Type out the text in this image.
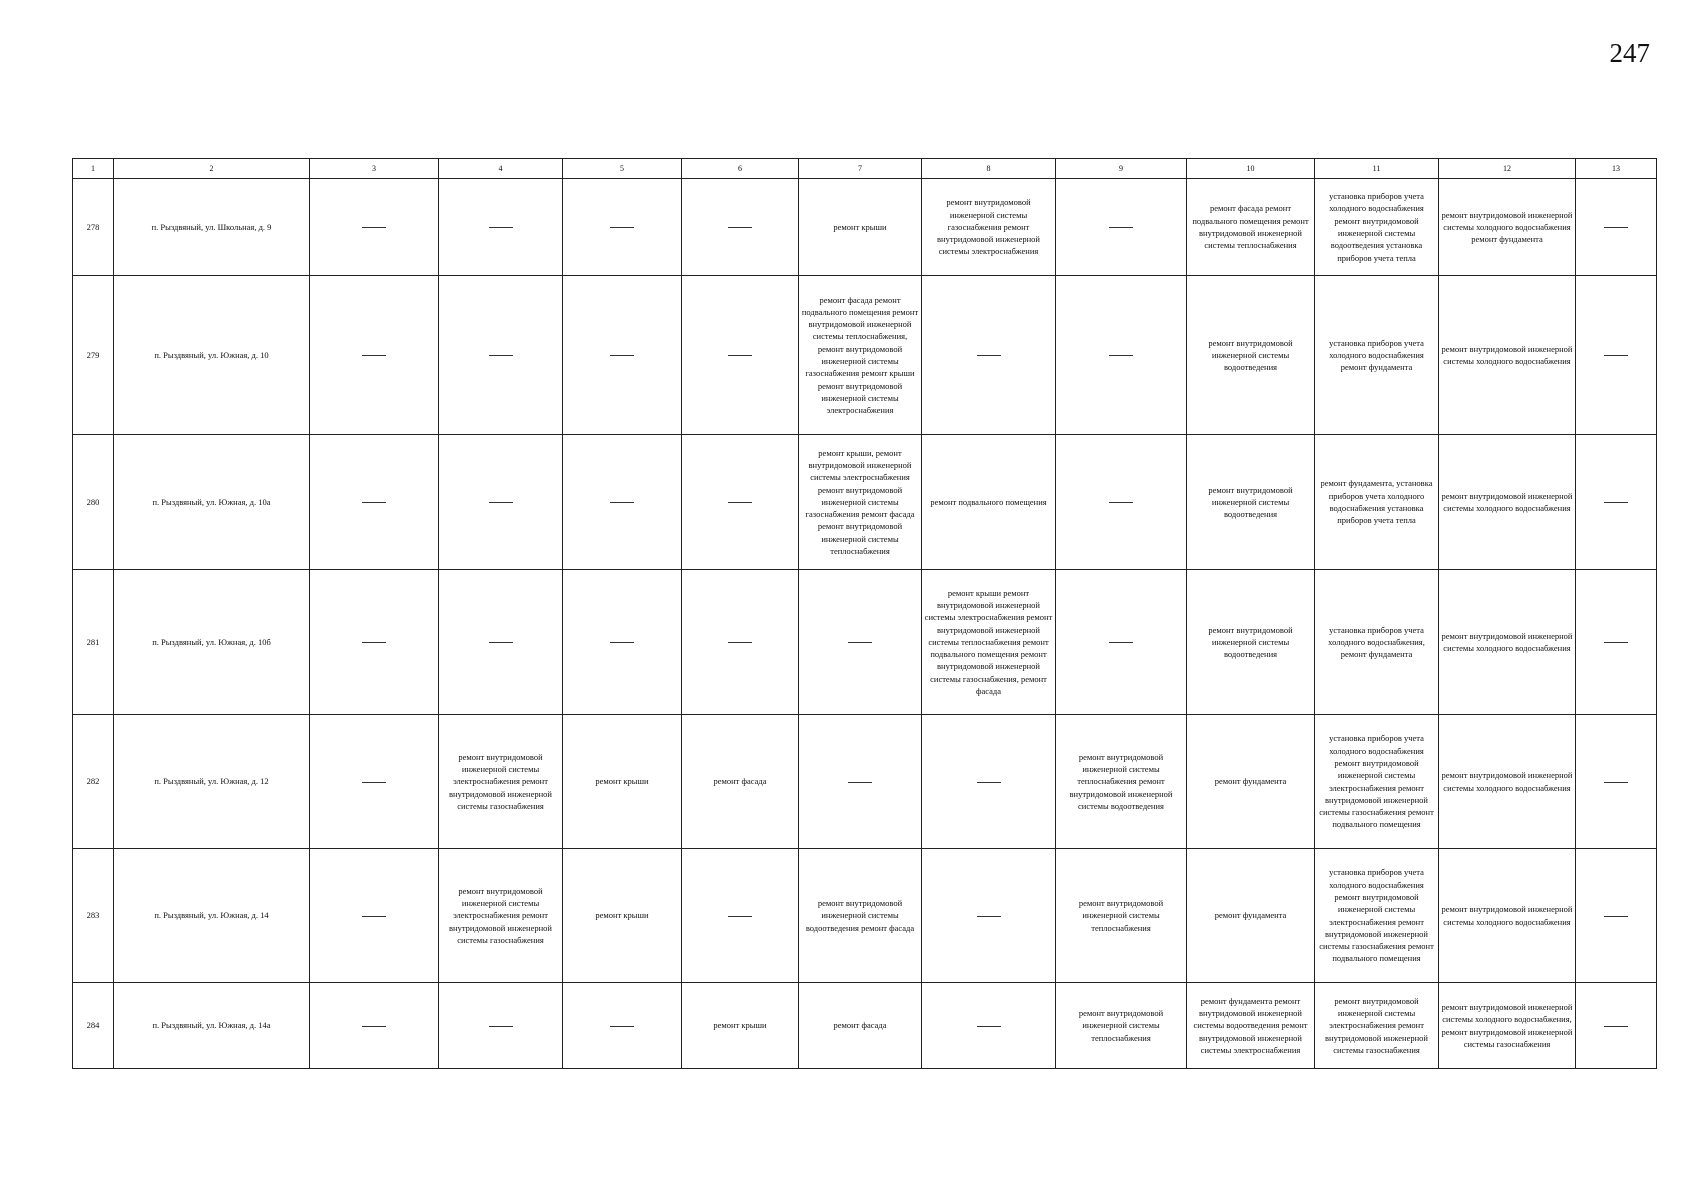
247
1	2	3	4	5	6	7	8	9	10	11	12	13
278	п. Рыздвяный, ул. Школьная, д. 9					ремонт крыши	ремонт внутридомовой инженерной системы газоснабжения ремонт внутридомовой инженерной системы электроснабжения		ремонт фасада ремонт подвального помещения ремонт внутридомовой инженерной системы теплоснабжения	установка приборов учета холодного водоснабжения ремонт внутридомовой инженерной системы водоотведения установка приборов учета тепла	ремонт внутридомовой инженерной системы холодного водоснабжения ремонт фундамента	
279	п. Рыздвяный, ул. Южная, д. 10					ремонт фасада ремонт подвального помещения ремонт внутридомовой инженерной системы теплоснабжения, ремонт внутридомовой инженерной системы газоснабжения ремонт крыши ремонт внутридомовой инженерной системы электроснабжения			ремонт внутридомовой инженерной системы водоотведения	установка приборов учета холодного водоснабжения ремонт фундамента	ремонт внутридомовой инженерной системы холодного водоснабжения	
280	п. Рыздвяный, ул. Южная, д. 10а					ремонт крыши, ремонт внутридомовой инженерной системы электроснабжения ремонт внутридомовой инженерной системы газоснабжения ремонт фасада ремонт внутридомовой инженерной системы теплоснабжения	ремонт подвального помещения		ремонт внутридомовой инженерной системы водоотведения	ремонт фундамента, установка приборов учета холодного водоснабжения установка приборов учета тепла	ремонт внутридомовой инженерной системы холодного водоснабжения	
281	п. Рыздвяный, ул. Южная, д. 10б						ремонт крыши ремонт внутридомовой инженерной системы электроснабжения ремонт внутридомовой инженерной системы теплоснабжения ремонт подвального помещения ремонт внутридомовой инженерной системы газоснабжения, ремонт фасада		ремонт внутридомовой инженерной системы водоотведения	установка приборов учета холодного водоснабжения, ремонт фундамента	ремонт внутридомовой инженерной системы холодного водоснабжения	
282	п. Рыздвяный, ул. Южная, д. 12		ремонт внутридомовой инженерной системы электроснабжения ремонт внутридомовой инженерной системы газоснабжения	ремонт крыши	ремонт фасада			ремонт внутридомовой инженерной системы теплоснабжения ремонт внутридомовой инженерной системы водоотведения	ремонт фундамента	установка приборов учета холодного водоснабжения ремонт внутридомовой инженерной системы электроснабжения ремонт внутридомовой инженерной системы газоснабжения ремонт подвального помещения	ремонт внутридомовой инженерной системы холодного водоснабжения	
283	п. Рыздвяный, ул. Южная, д. 14		ремонт внутридомовой инженерной системы электроснабжения ремонт внутридомовой инженерной системы газоснабжения	ремонт крыши		ремонт внутридомовой инженерной системы водоотведения ремонт фасада		ремонт внутридомовой инженерной системы теплоснабжения	ремонт фундамента	установка приборов учета холодного водоснабжения ремонт внутридомовой инженерной системы электроснабжения ремонт внутридомовой инженерной системы газоснабжения ремонт подвального помещения	ремонт внутридомовой инженерной системы холодного водоснабжения	
284	п. Рыздвяный, ул. Южная, д. 14а				ремонт крыши	ремонт фасада		ремонт внутридомовой инженерной системы теплоснабжения	ремонт фундамента ремонт внутридомовой инженерной системы водоотведения ремонт внутридомовой инженерной системы электроснабжения	ремонт внутридомовой инженерной системы электроснабжения ремонт внутридомовой инженерной системы газоснабжения	ремонт внутридомовой инженерной системы холодного водоснабжения, ремонт внутридомовой инженерной системы газоснабжения	
